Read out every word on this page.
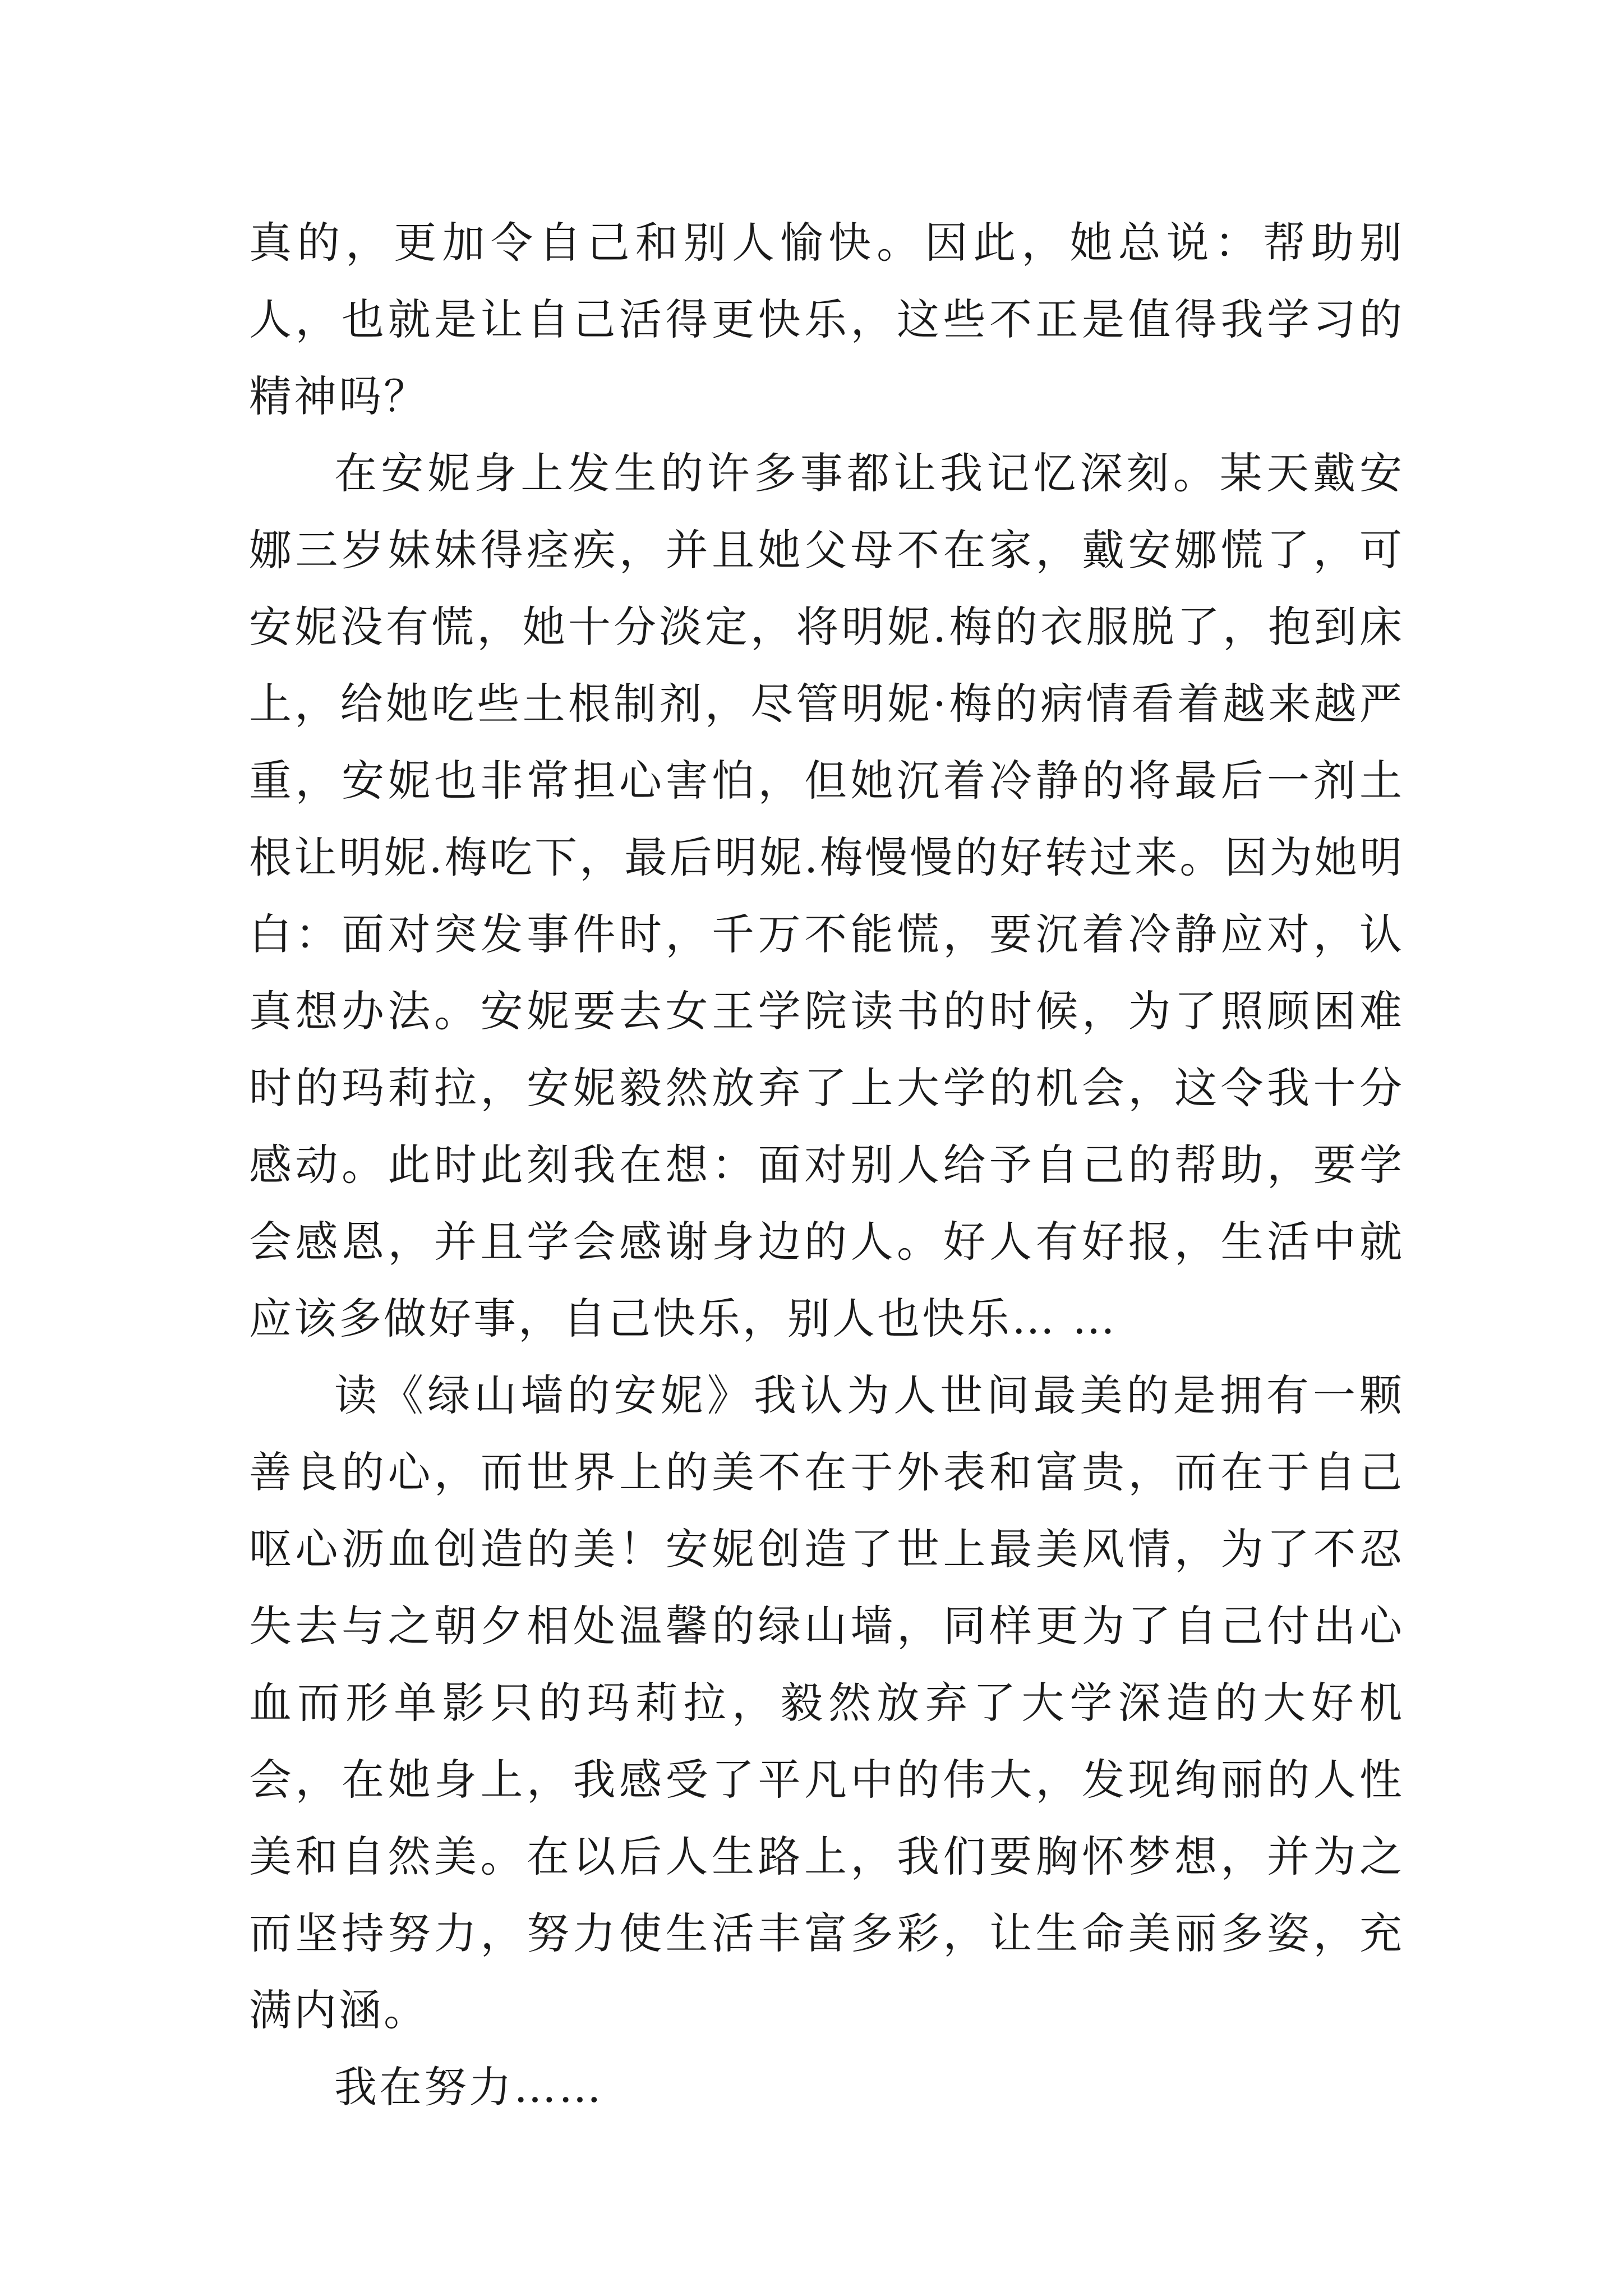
真的，更加令自己和别人愉快。因此，她总说：帮助别人，也就是让自己活得更快乐，这些不正是值得我学习的精神吗？

在安妮身上发生的许多事都让我记忆深刻。某天戴安娜三岁妹妹得痉疾，并且她父母不在家，戴安娜慌了，可安妮没有慌，她十分淡定，将明妮.梅的衣服脱了，抱到床上，给她吃些土根制剂，尽管明妮·梅的病情看着越来越严重，安妮也非常担心害怕，但她沉着冷静的将最后一剂土根让明妮.梅吃下，最后明妮.梅慢慢的好转过来。因为她明白：面对突发事件时，千万不能慌，要沉着冷静应对，认真想办法。安妮要去女王学院读书的时候，为了照顾困难时的玛莉拉，安妮毅然放弃了上大学的机会，这令我十分感动。此时此刻我在想：面对别人给予自己的帮助，要学会感恩，并且学会感谢身边的人。好人有好报，生活中就应该多做好事，自己快乐，别人也快乐… …

读《绿山墙的安妮》我认为人世间最美的是拥有一颗善良的心，而世界上的美不在于外表和富贵，而在于自己呕心沥血创造的美！安妮创造了世上最美风情，为了不忍失去与之朝夕相处温馨的绿山墙，同样更为了自己付出心血而形单影只的玛莉拉，毅然放弃了大学深造的大好机会，在她身上，我感受了平凡中的伟大，发现绚丽的人性美和自然美。在以后人生路上，我们要胸怀梦想，并为之而坚持努力，努力使生活丰富多彩，让生命美丽多姿，充满内涵。

我在努力……
